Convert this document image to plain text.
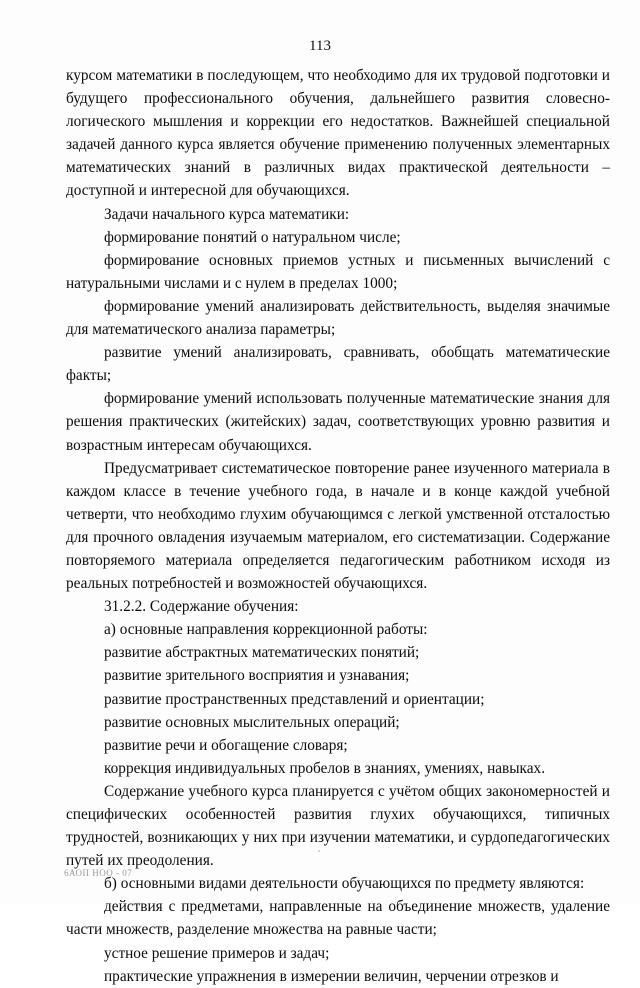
113

курсом математики в последующем, что необходимо для их трудовой подготовки и будущего профессионального обучения, дальнейшего развития словесно-логического мышления и коррекции его недостатков. Важнейшей специальной задачей данного курса является обучение применению полученных элементарных математических знаний в различных видах практической деятельности – доступной и интересной для обучающихся.

Задачи начального курса математики:

формирование понятий о натуральном числе;

формирование основных приемов устных и письменных вычислений с натуральными числами и с нулем в пределах 1000;

формирование умений анализировать действительность, выделяя значимые для математического анализа параметры;

развитие умений анализировать, сравнивать, обобщать математические факты;

формирование умений использовать полученные математические знания для решения практических (житейских) задач, соответствующих уровню развития и возрастным интересам обучающихся.

Предусматривает систематическое повторение ранее изученного материала в каждом классе в течение учебного года, в начале и в конце каждой учебной четверти, что необходимо глухим обучающимся с легкой умственной отсталостью для прочного овладения изучаемым материалом, его систематизации. Содержание повторяемого материала определяется педагогическим работником исходя из реальных потребностей и возможностей обучающихся.

31.2.2. Содержание обучения:

а) основные направления коррекционной работы:

развитие абстрактных математических понятий;

развитие зрительного восприятия и узнавания;

развитие пространственных представлений и ориентации;

развитие основных мыслительных операций;

развитие речи и обогащение словаря;

коррекция индивидуальных пробелов в знаниях, умениях, навыках.

Содержание учебного курса планируется с учётом общих закономерностей и специфических особенностей развития глухих обучающихся, типичных трудностей, возникающих у них при изучении математики, и сурдопедагогических путей их преодоления.

б) основными видами деятельности обучающихся по предмету являются:

действия с предметами, направленные на объединение множеств, удаление части множеств, разделение множества на равные части;

устное решение примеров и задач;

практические упражнения в измерении величин, черчении отрезков и

6АОП НОО - 07
